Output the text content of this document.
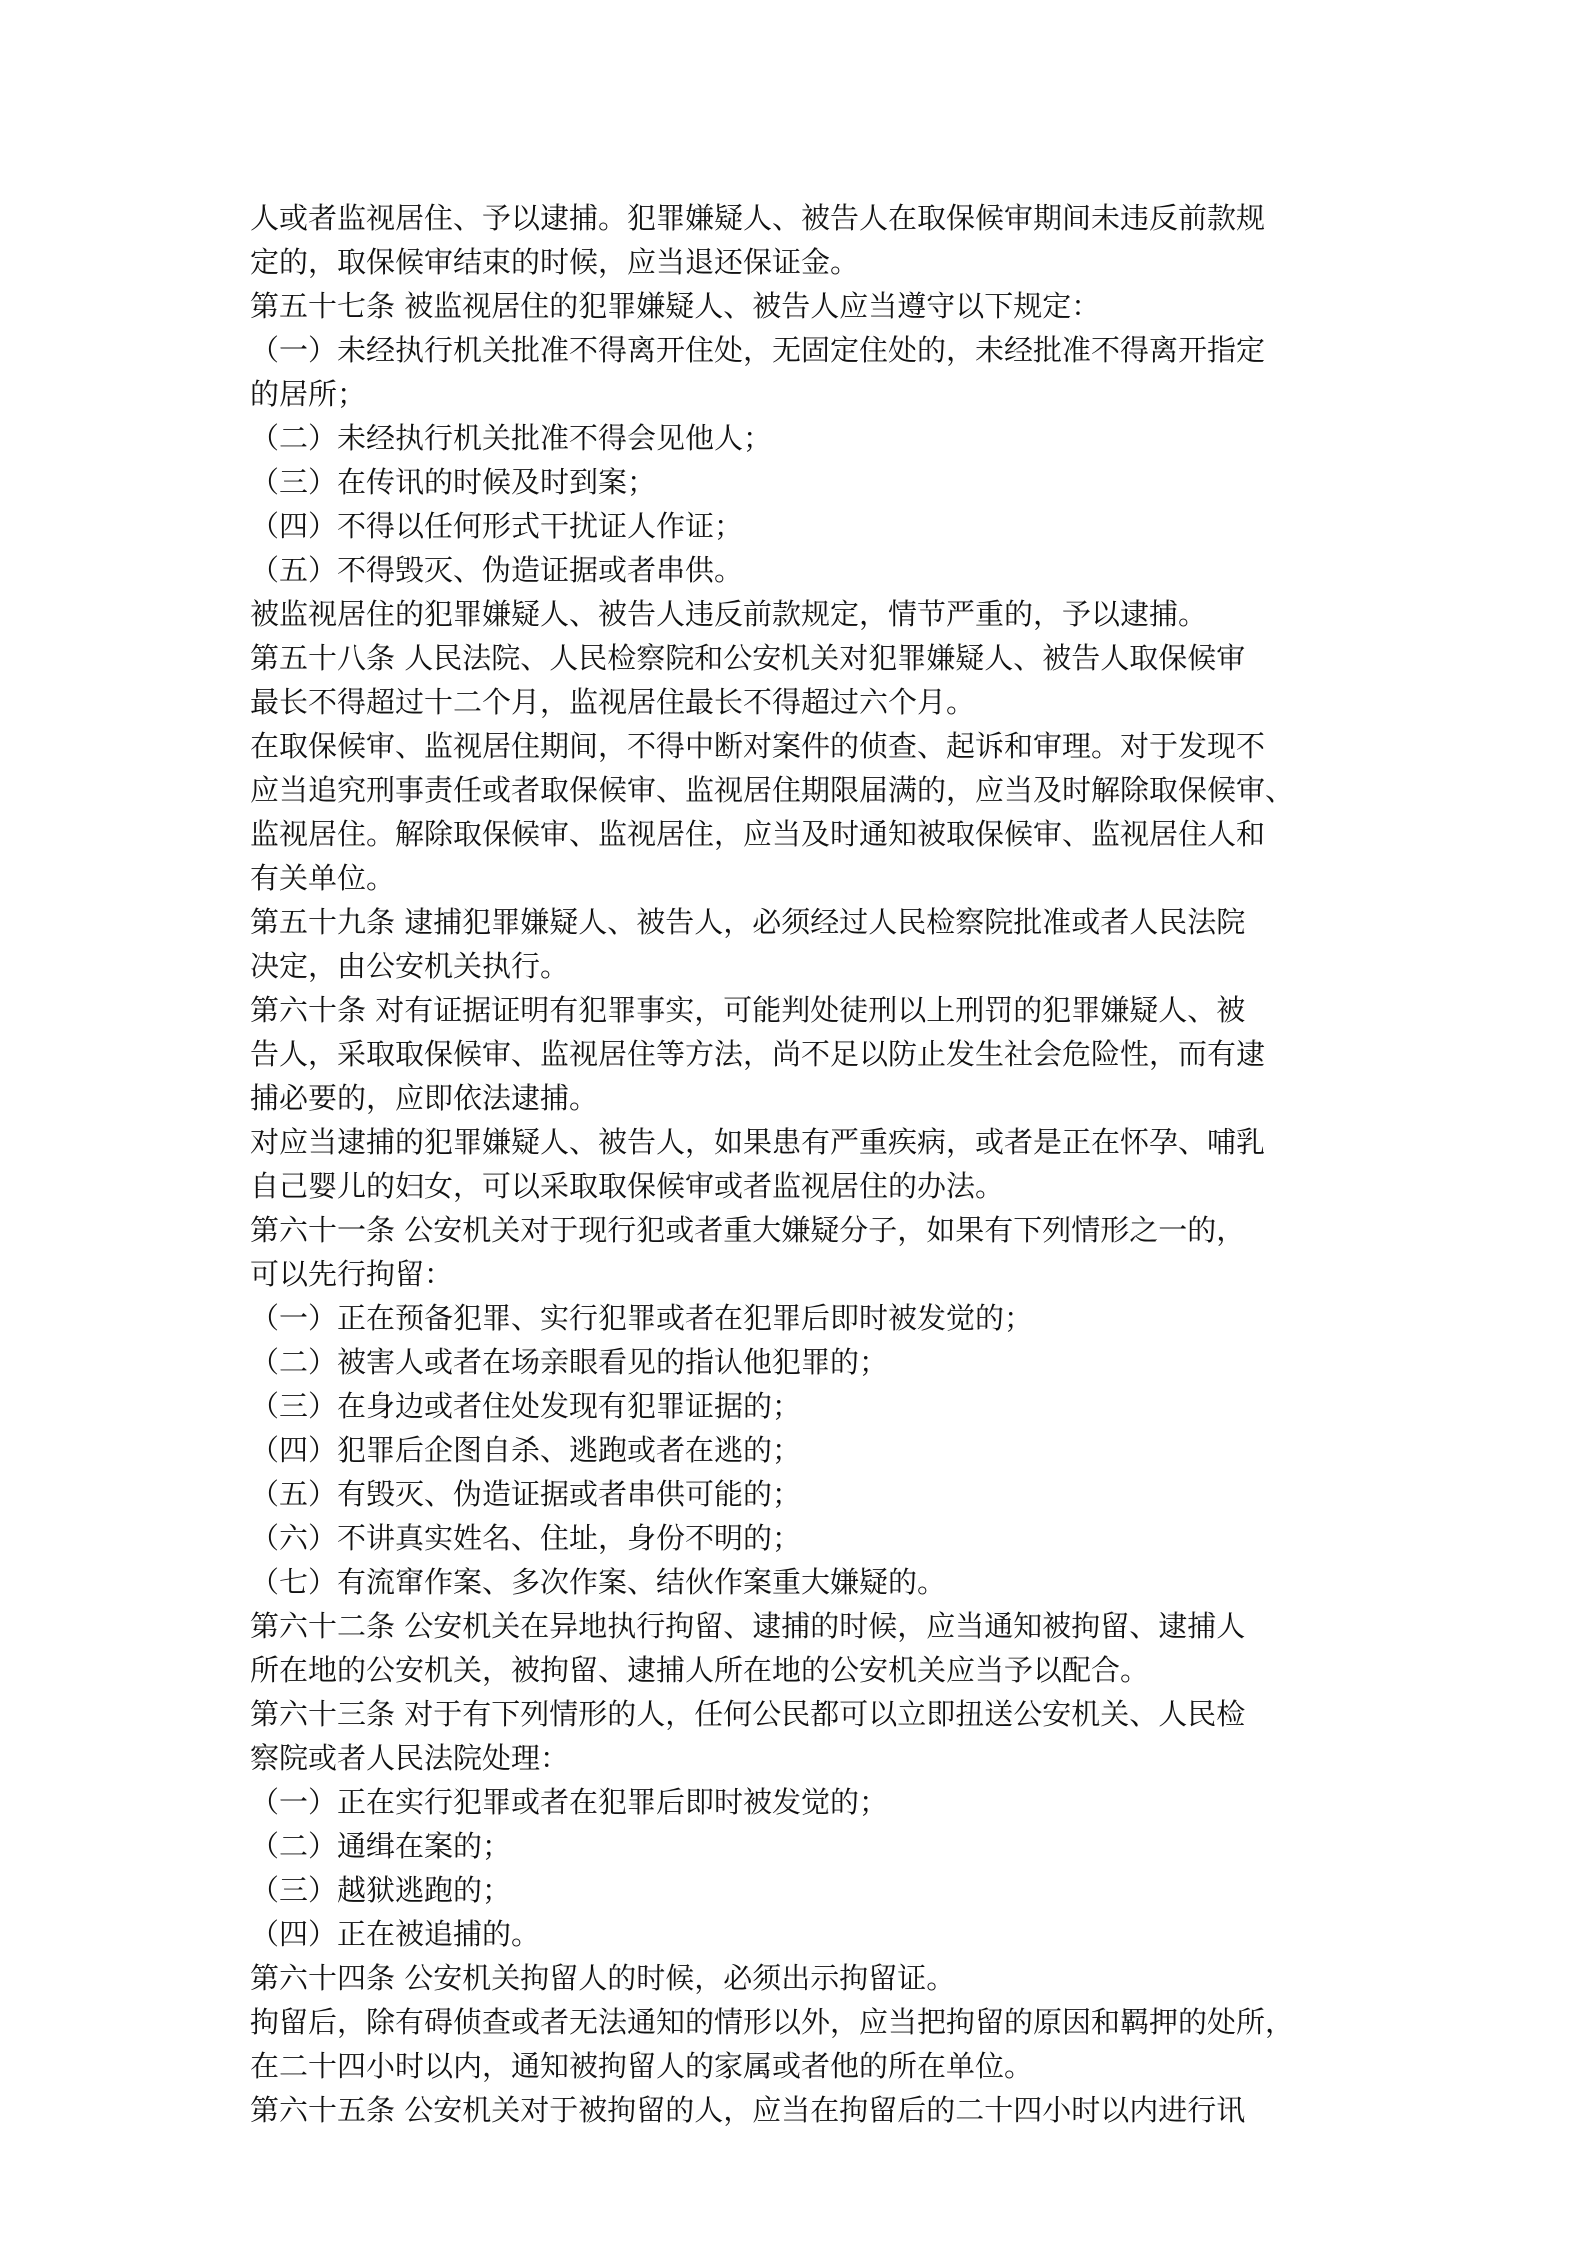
人或者监视居住、予以逮捕。犯罪嫌疑人、被告人在取保候审期间未违反前款规
定的，取保候审结束的时候，应当退还保证金。
第五十七条 被监视居住的犯罪嫌疑人、被告人应当遵守以下规定：
（一）未经执行机关批准不得离开住处，无固定住处的，未经批准不得离开指定
的居所；
（二）未经执行机关批准不得会见他人；
（三）在传讯的时候及时到案；
（四）不得以任何形式干扰证人作证；
（五）不得毁灭、伪造证据或者串供。
被监视居住的犯罪嫌疑人、被告人违反前款规定，情节严重的，予以逮捕。
第五十八条 人民法院、人民检察院和公安机关对犯罪嫌疑人、被告人取保候审
最长不得超过十二个月，监视居住最长不得超过六个月。
在取保候审、监视居住期间，不得中断对案件的侦查、起诉和审理。对于发现不
应当追究刑事责任或者取保候审、监视居住期限届满的，应当及时解除取保候审、
监视居住。解除取保候审、监视居住，应当及时通知被取保候审、监视居住人和
有关单位。
第五十九条 逮捕犯罪嫌疑人、被告人，必须经过人民检察院批准或者人民法院
决定，由公安机关执行。
第六十条 对有证据证明有犯罪事实，可能判处徒刑以上刑罚的犯罪嫌疑人、被
告人，采取取保候审、监视居住等方法，尚不足以防止发生社会危险性，而有逮
捕必要的，应即依法逮捕。
对应当逮捕的犯罪嫌疑人、被告人，如果患有严重疾病，或者是正在怀孕、哺乳
自己婴儿的妇女，可以采取取保候审或者监视居住的办法。
第六十一条 公安机关对于现行犯或者重大嫌疑分子，如果有下列情形之一的，
可以先行拘留：
（一）正在预备犯罪、实行犯罪或者在犯罪后即时被发觉的；
（二）被害人或者在场亲眼看见的指认他犯罪的；
（三）在身边或者住处发现有犯罪证据的；
（四）犯罪后企图自杀、逃跑或者在逃的；
（五）有毁灭、伪造证据或者串供可能的；
（六）不讲真实姓名、住址，身份不明的；
（七）有流窜作案、多次作案、结伙作案重大嫌疑的。
第六十二条 公安机关在异地执行拘留、逮捕的时候，应当通知被拘留、逮捕人
所在地的公安机关，被拘留、逮捕人所在地的公安机关应当予以配合。
第六十三条 对于有下列情形的人，任何公民都可以立即扭送公安机关、人民检
察院或者人民法院处理：
（一）正在实行犯罪或者在犯罪后即时被发觉的；
（二）通缉在案的；
（三）越狱逃跑的；
（四）正在被追捕的。
第六十四条 公安机关拘留人的时候，必须出示拘留证。
拘留后，除有碍侦查或者无法通知的情形以外，应当把拘留的原因和羁押的处所，
在二十四小时以内，通知被拘留人的家属或者他的所在单位。
第六十五条 公安机关对于被拘留的人，应当在拘留后的二十四小时以内进行讯
